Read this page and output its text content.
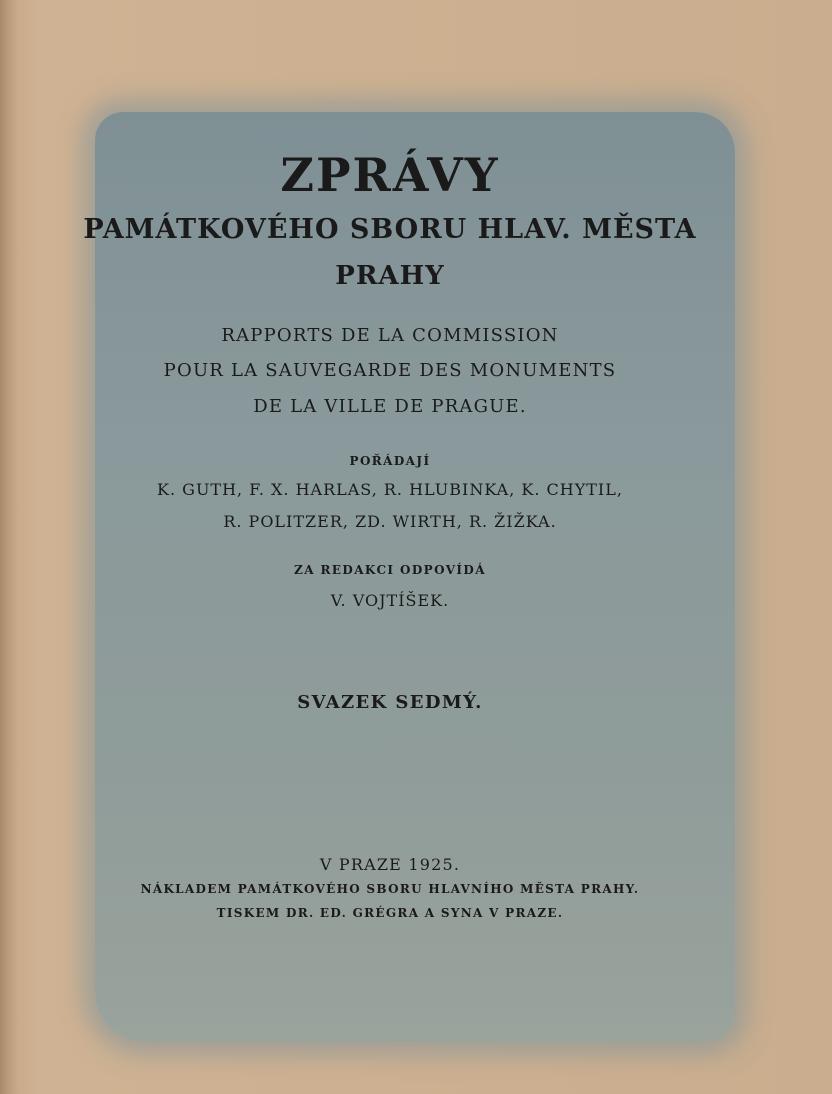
ZPRÁVY
PAMÁTKOVÉHO SBORU HLAV. MĚSTA
PRAHY
RAPPORTS DE LA COMMISSION
POUR LA SAUVEGARDE DES MONUMENTS
DE LA VILLE DE PRAGUE.
POŘÁDAJÍ
K. GUTH, F. X. HARLAS, R. HLUBINKA, K. CHYTIL,
R. POLITZER, ZD. WIRTH, R. ŽIŽKA.
ZA REDAKCI ODPOVÍDÁ
V. VOJTÍŠEK.
SVAZEK SEDMÝ.
V PRAZE 1925.
NÁKLADEM PAMÁTKOVÉHO SBORU HLAVNÍHO MĚSTA PRAHY.
TISKEM DR. ED. GRÉGRA A SYNA V PRAZE.
